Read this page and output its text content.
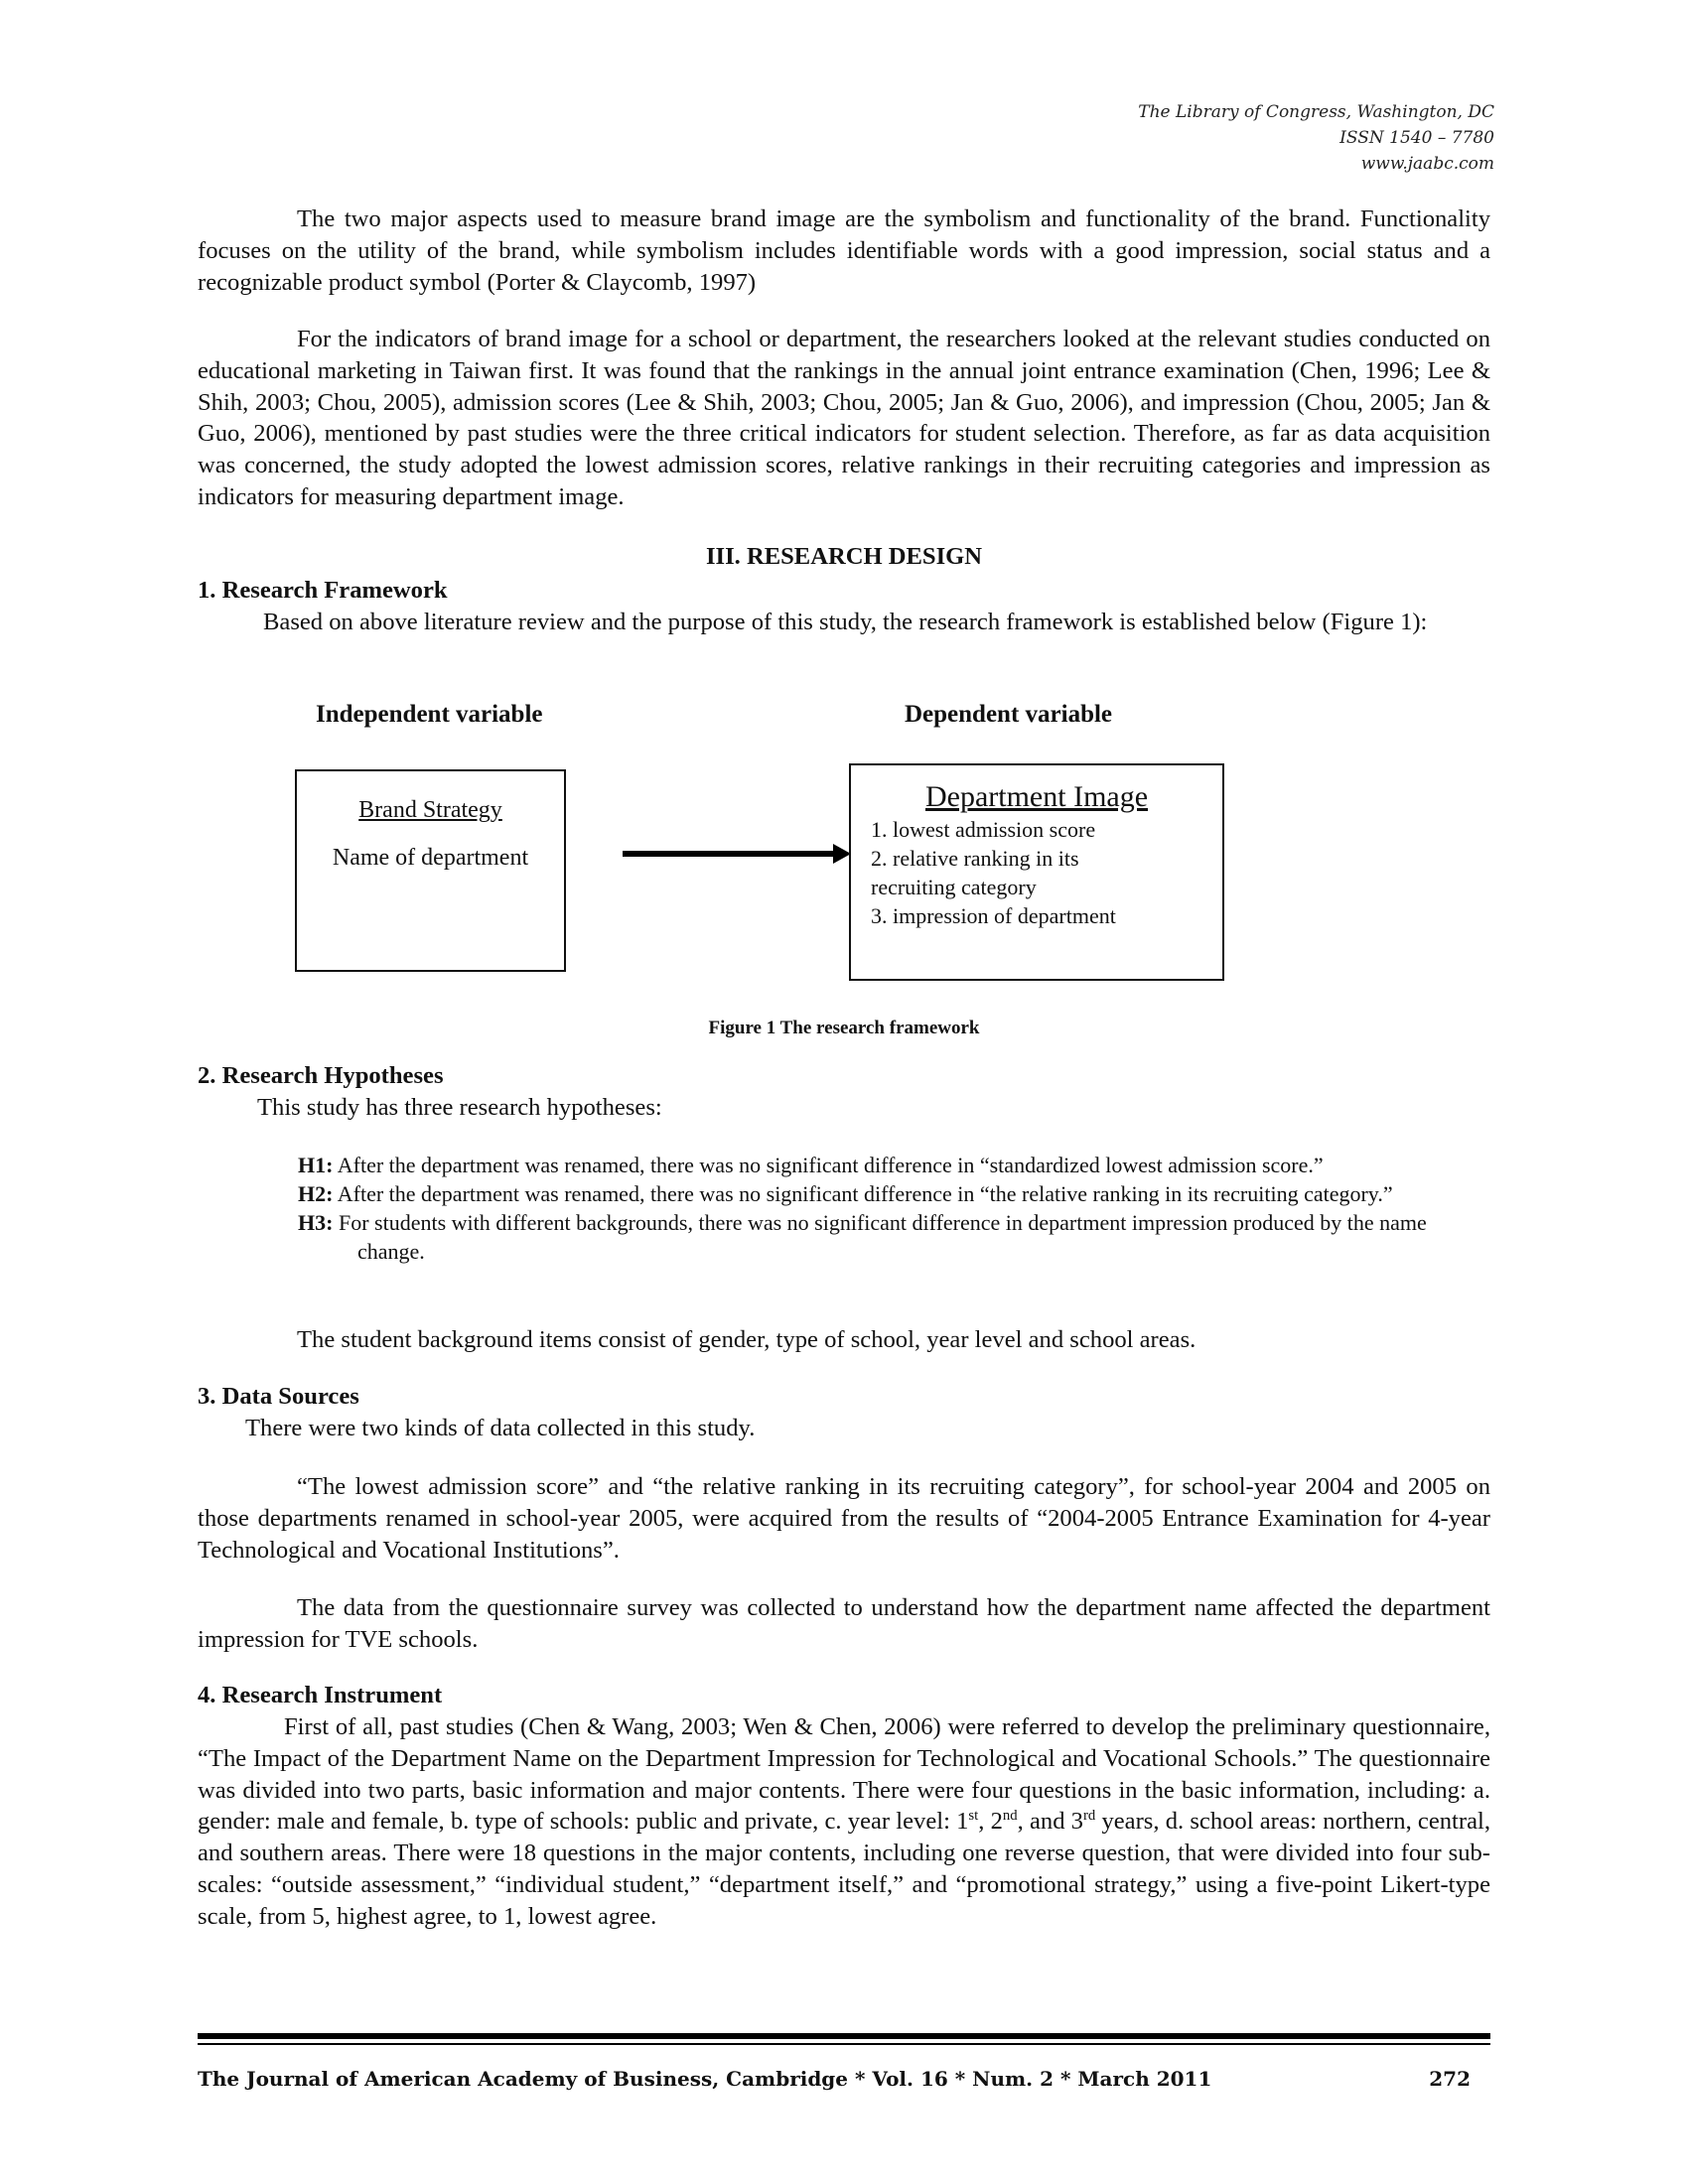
The Library of Congress, Washington, DC
ISSN 1540 – 7780
www.jaabc.com
The two major aspects used to measure brand image are the symbolism and functionality of the brand. Functionality focuses on the utility of the brand, while symbolism includes identifiable words with a good impression, social status and a recognizable product symbol (Porter & Claycomb, 1997)
For the indicators of brand image for a school or department, the researchers looked at the relevant studies conducted on educational marketing in Taiwan first. It was found that the rankings in the annual joint entrance examination (Chen, 1996; Lee & Shih, 2003; Chou, 2005), admission scores (Lee & Shih, 2003; Chou, 2005; Jan & Guo, 2006), and impression (Chou, 2005; Jan & Guo, 2006), mentioned by past studies were the three critical indicators for student selection. Therefore, as far as data acquisition was concerned, the study adopted the lowest admission scores, relative rankings in their recruiting categories and impression as indicators for measuring department image.
III. RESEARCH DESIGN
1. Research Framework
Based on above literature review and the purpose of this study, the research framework is established below (Figure 1):
Independent variable	Dependent variable
Brand Strategy
Name of department
Department Image
1. lowest admission score
2. relative ranking in its
recruiting category
3. impression of department
Figure 1 The research framework
2. Research Hypotheses
This study has three research hypotheses:
H1: After the department was renamed, there was no significant difference in “standardized lowest admission score.”
H2: After the department was renamed, there was no significant difference in “the relative ranking in its recruiting category.”
H3: For students with different backgrounds, there was no significant difference in department impression produced by the name change.
The student background items consist of gender, type of school, year level and school areas.
3. Data Sources
There were two kinds of data collected in this study.
“The lowest admission score” and “the relative ranking in its recruiting category”, for school-year 2004 and 2005 on those departments renamed in school-year 2005, were acquired from the results of “2004-2005 Entrance Examination for 4-year Technological and Vocational Institutions”.
The data from the questionnaire survey was collected to understand how the department name affected the department impression for TVE schools.
4. Research Instrument
First of all, past studies (Chen & Wang, 2003; Wen & Chen, 2006) were referred to develop the preliminary questionnaire, “The Impact of the Department Name on the Department Impression for Technological and Vocational Schools.” The questionnaire was divided into two parts, basic information and major contents. There were four questions in the basic information, including: a. gender: male and female, b. type of schools: public and private, c. year level: 1st, 2nd, and 3rd years, d. school areas: northern, central, and southern areas. There were 18 questions in the major contents, including one reverse question, that were divided into four sub-scales: “outside assessment,” “individual student,” “department itself,” and “promotional strategy,” using a five-point Likert-type scale, from 5, highest agree, to 1, lowest agree.
The Journal of American Academy of Business, Cambridge * Vol. 16 * Num. 2 * March 2011	272
